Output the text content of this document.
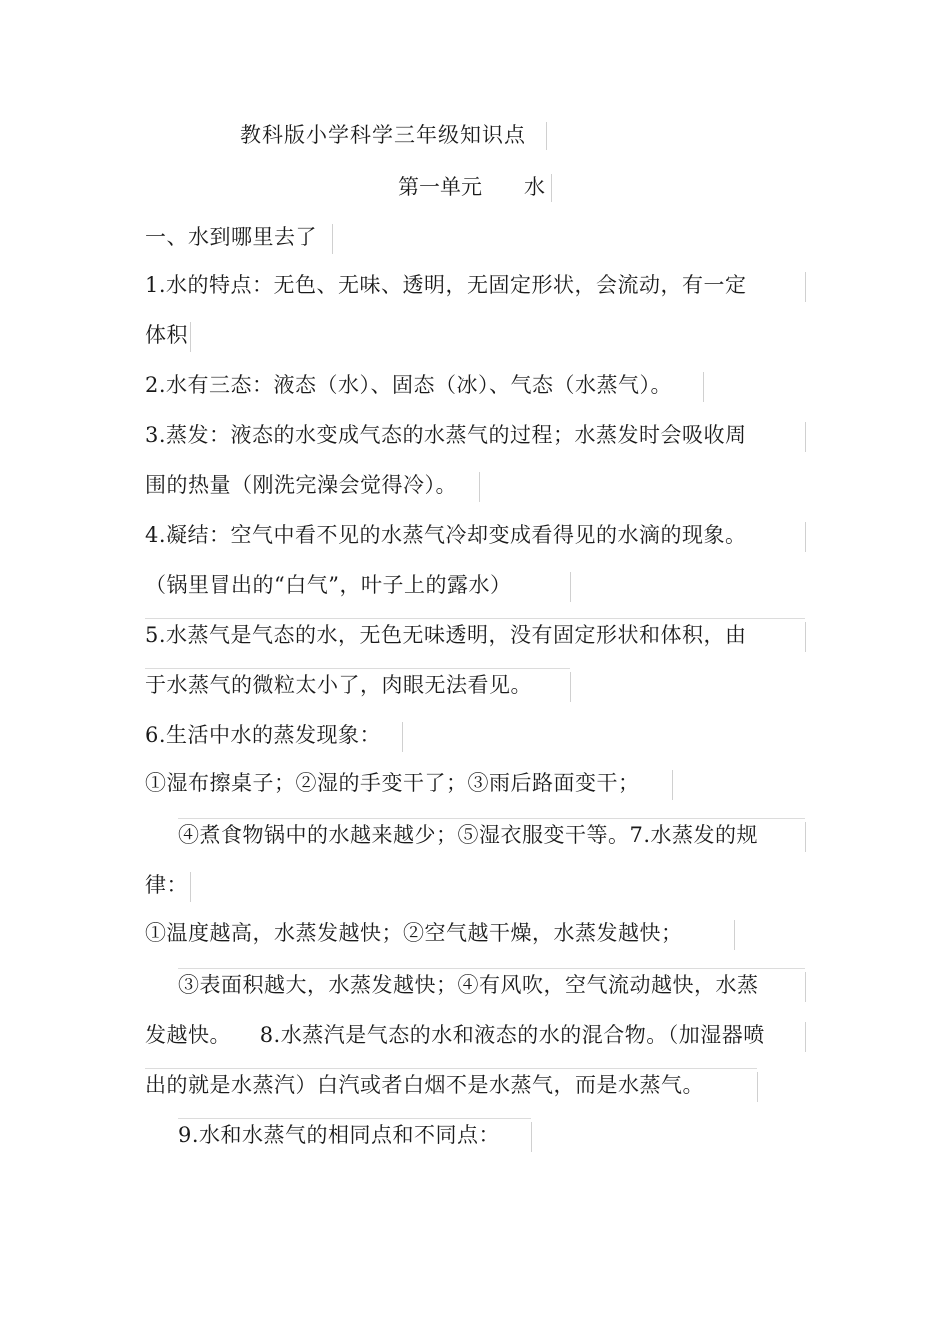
教科版小学科学三年级知识点
第一单元 水
一、水到哪里去了
1.水的特点：无色、无味、透明，无固定形状，会流动，有一定
体积
2.水有三态：液态（水）、固态（冰）、气态（水蒸气）。
3.蒸发：液态的水变成气态的水蒸气的过程；水蒸发时会吸收周
围的热量（刚洗完澡会觉得冷）。
4.凝结：空气中看不见的水蒸气冷却变成看得见的水滴的现象。
（锅里冒出的“白气”，叶子上的露水）
5.水蒸气是气态的水，无色无味透明，没有固定形状和体积，由
于水蒸气的微粒太小了，肉眼无法看见。
6.生活中水的蒸发现象：
①湿布擦桌子；②湿的手变干了；③雨后路面变干；
④煮食物锅中的水越来越少；⑤湿衣服变干等。7.水蒸发的规
律：
①温度越高，水蒸发越快；②空气越干燥，水蒸发越快；
③表面积越大，水蒸发越快；④有风吹，空气流动越快，水蒸
发越快。    8.水蒸汽是气态的水和液态的水的混合物。（加湿器喷
出的就是水蒸汽）白汽或者白烟不是水蒸气，而是水蒸气。
9.水和水蒸气的相同点和不同点：
